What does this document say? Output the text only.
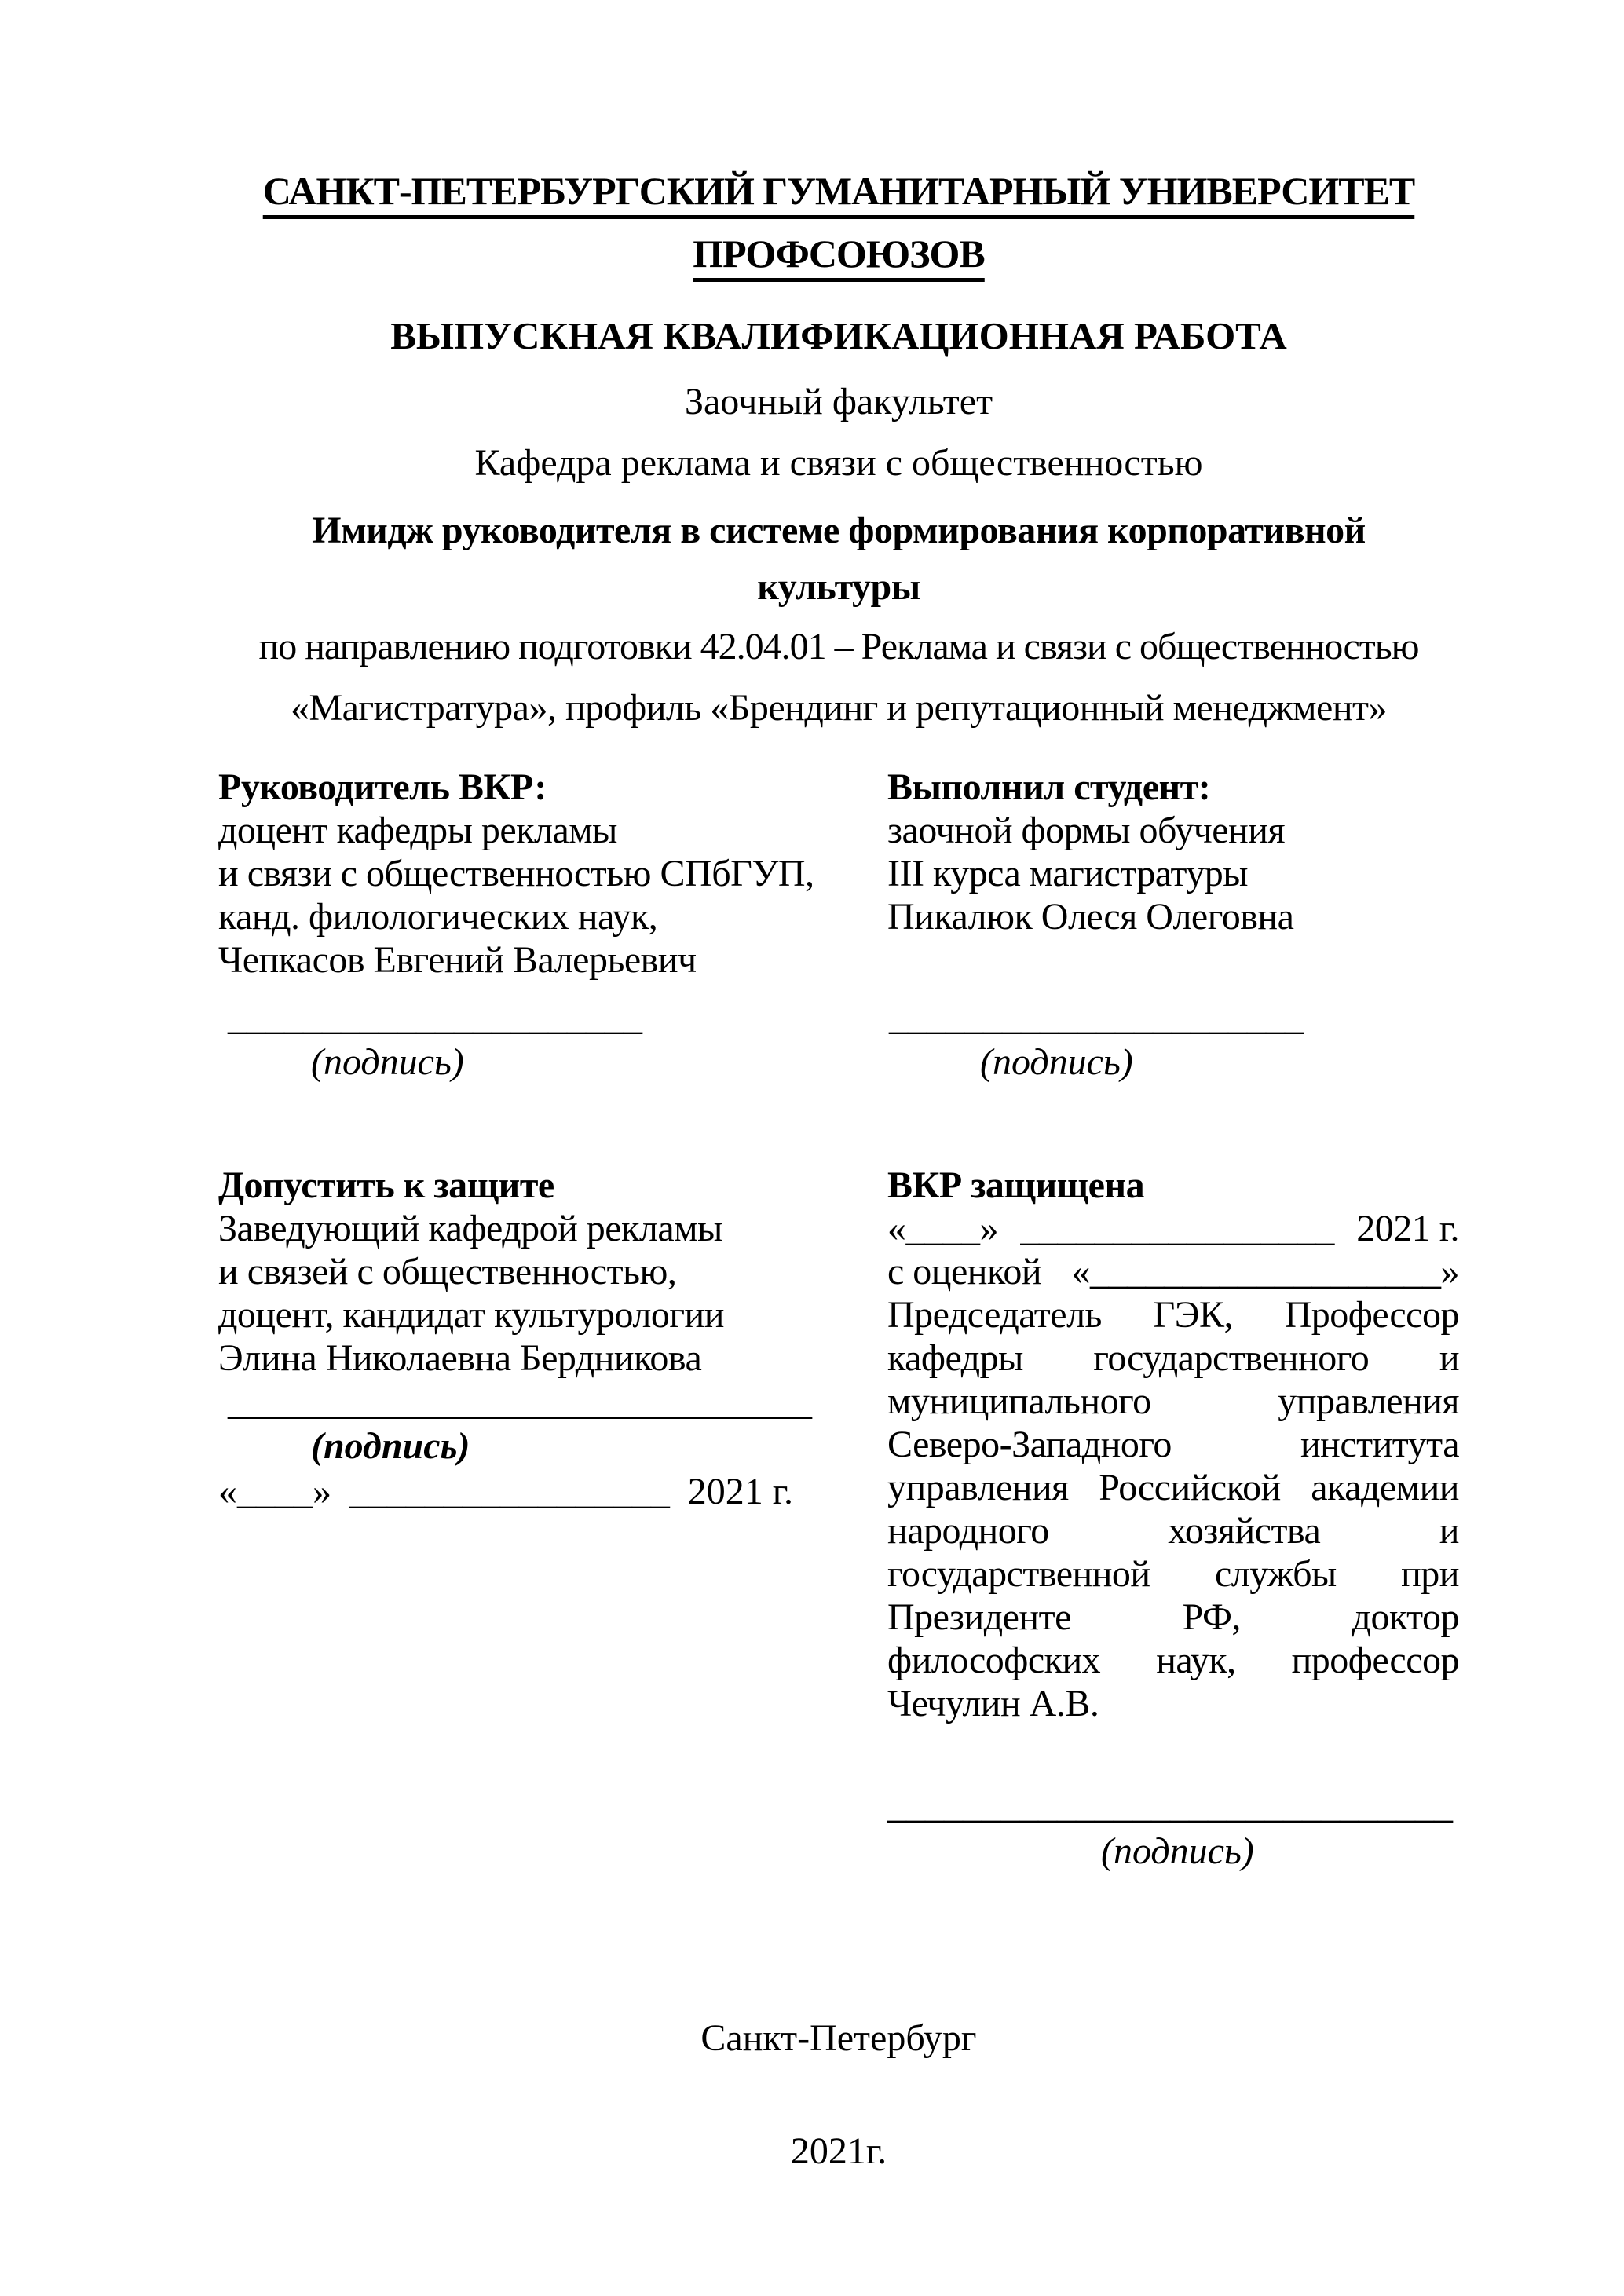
САНКТ-ПЕТЕРБУРГСКИЙ ГУМАНИТАРНЫЙ УНИВЕРСИТЕТ
ПРОФСОЮЗОВ
ВЫПУСКНАЯ КВАЛИФИКАЦИОННАЯ РАБОТА
Заочный факультет
Кафедра реклама и связи с общественностью
Имидж руководителя в системе формирования корпоративной
культуры
по направлению подготовки 42.04.01 – Реклама и связи с общественностью
«Магистратура», профиль «Брендинг и репутационный менеджмент»
Руководитель ВКР:
доцент кафедры рекламы
и связи с общественностью СПбГУП,
канд. филологических наук,
Чепкасов Евгений Валерьевич
______________________
(подпись)
Выполнил студент:
заочной формы обучения
III курса магистратуры
Пикалюк Олеся Олеговна
______________________
(подпись)
Допустить к защите
Заведующий кафедрой рекламы
и связей с общественностью,
доцент, кандидат культурологии
Элина Николаевна Бердникова
_______________________________
(подпись)
«____» _________________ 2021 г.
ВКР защищена
«____» _________________ 2021 г.
с оценкой «___________________»
Председатель ГЭК, Профессор
кафедры государственного и
муниципального	управления
Северо-Западного	института
управления Российской академии
народного	хозяйства	и
государственной службы при
Президенте	РФ,	доктор
философских наук, профессор
Чечулин А.В.
______________________________
(подпись)
Санкт-Петербург
2021г.
